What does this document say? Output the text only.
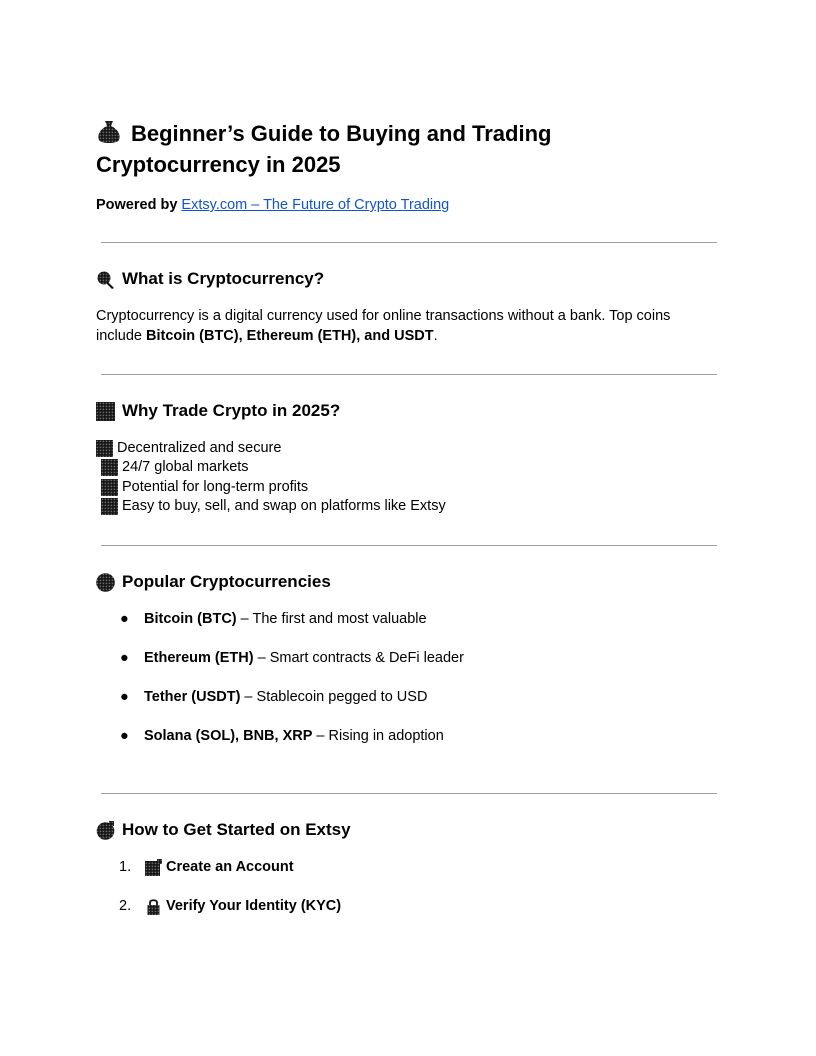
Beginner’s Guide to Buying and Trading
Cryptocurrency in 2025
Powered by Extsy.com – The Future of Crypto Trading
What is Cryptocurrency?

Cryptocurrency is a digital currency used for online transactions without a bank. Top coins include Bitcoin (BTC), Ethereum (ETH), and USDT.

Why Trade Crypto in 2025?
Decentralized and secure
24/7 global markets
Potential for long-term profits
Easy to buy, sell, and swap on platforms like Extsy
Popular Cryptocurrencies
● Bitcoin (BTC) – The first and most valuable
● Ethereum (ETH) – Smart contracts & DeFi leader
● Tether (USDT) – Stablecoin pegged to USD
● Solana (SOL), BNB, XRP – Rising in adoption
How to Get Started on Extsy
1.	Create an Account
2.	Verify Your Identity (KYC)
